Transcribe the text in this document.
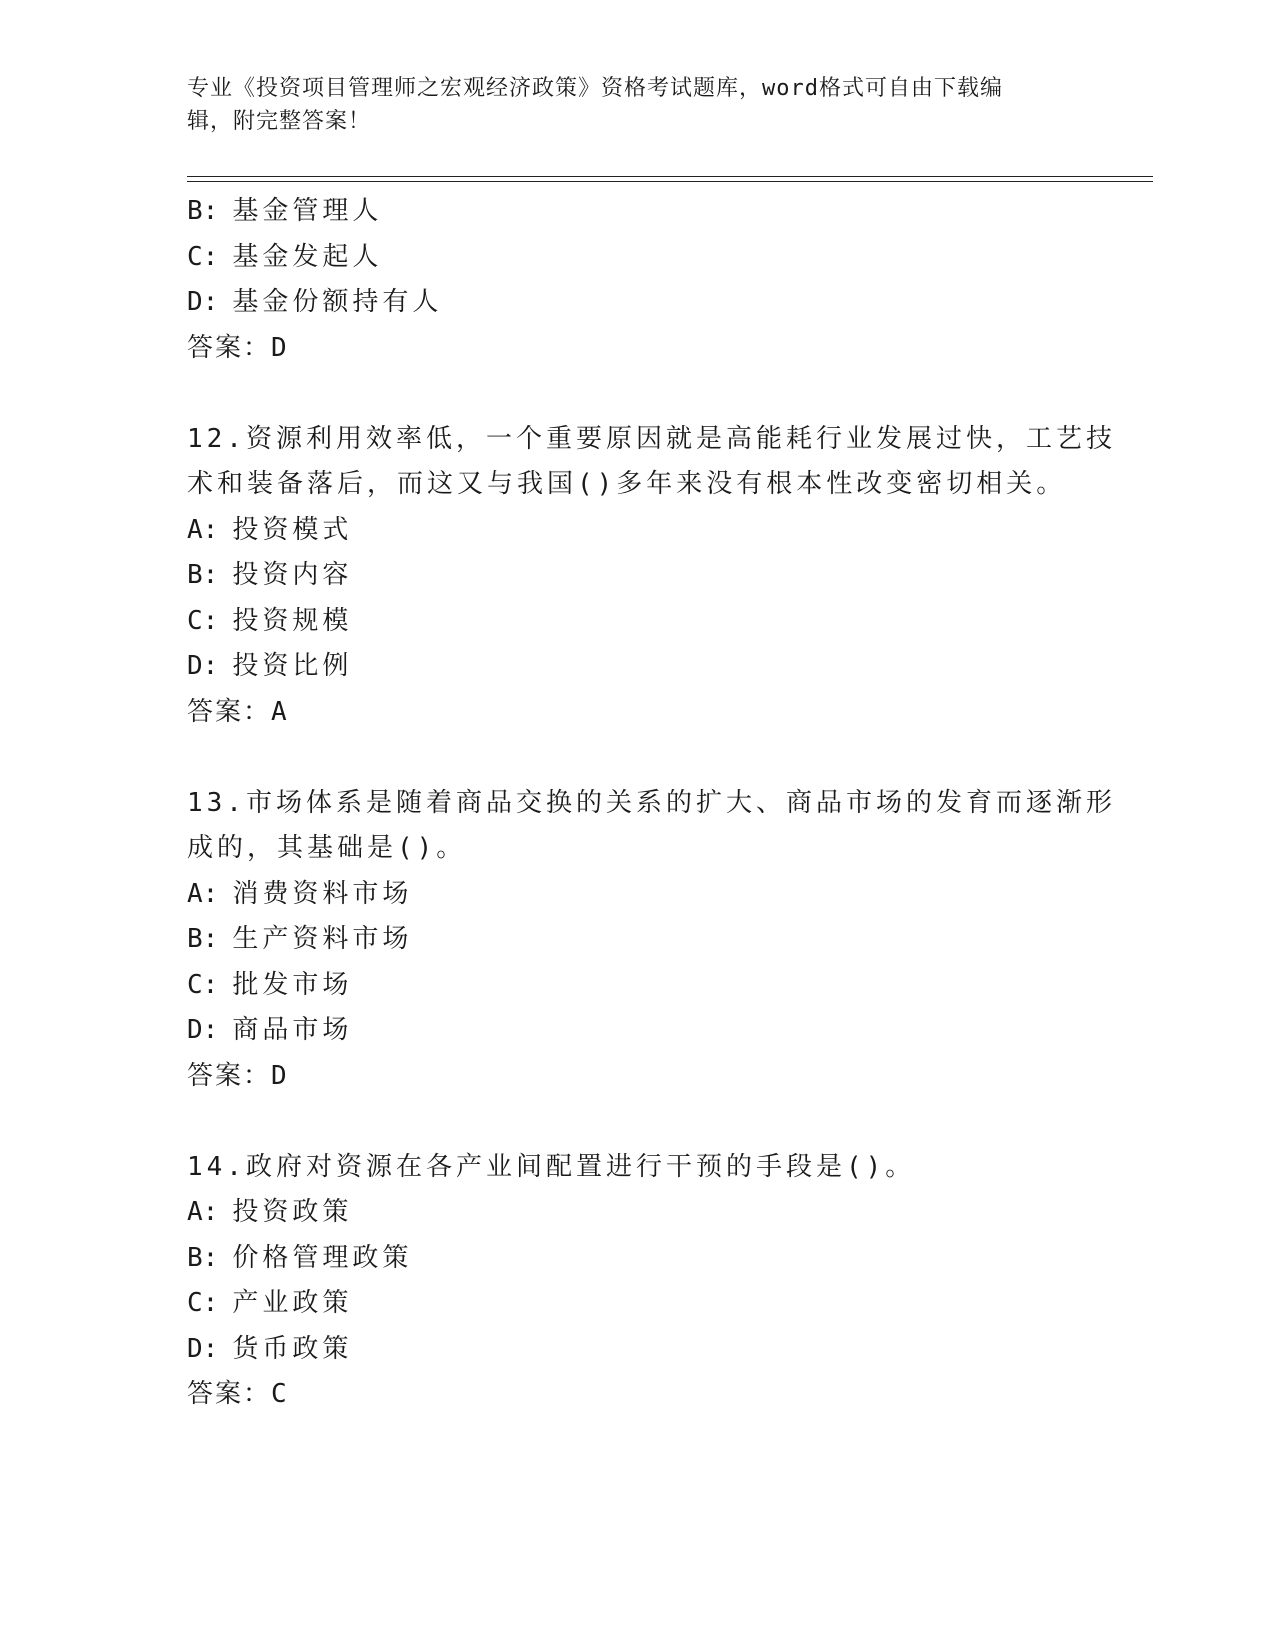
专业《投资项目管理师之宏观经济政策》资格考试题库，word格式可自由下载编
辑，附完整答案！
B: 基金管理人
C: 基金发起人
D: 基金份额持有人
答案：D
12.资源利用效率低，一个重要原因就是高能耗行业发展过快，工艺技
术和装备落后，而这又与我国()多年来没有根本性改变密切相关。
A: 投资模式
B: 投资内容
C: 投资规模
D: 投资比例
答案：A
13.市场体系是随着商品交换的关系的扩大、商品市场的发育而逐渐形
成的，其基础是()。
A: 消费资料市场
B: 生产资料市场
C: 批发市场
D: 商品市场
答案：D
14.政府对资源在各产业间配置进行干预的手段是()。
A: 投资政策
B: 价格管理政策
C: 产业政策
D: 货币政策
答案：C
